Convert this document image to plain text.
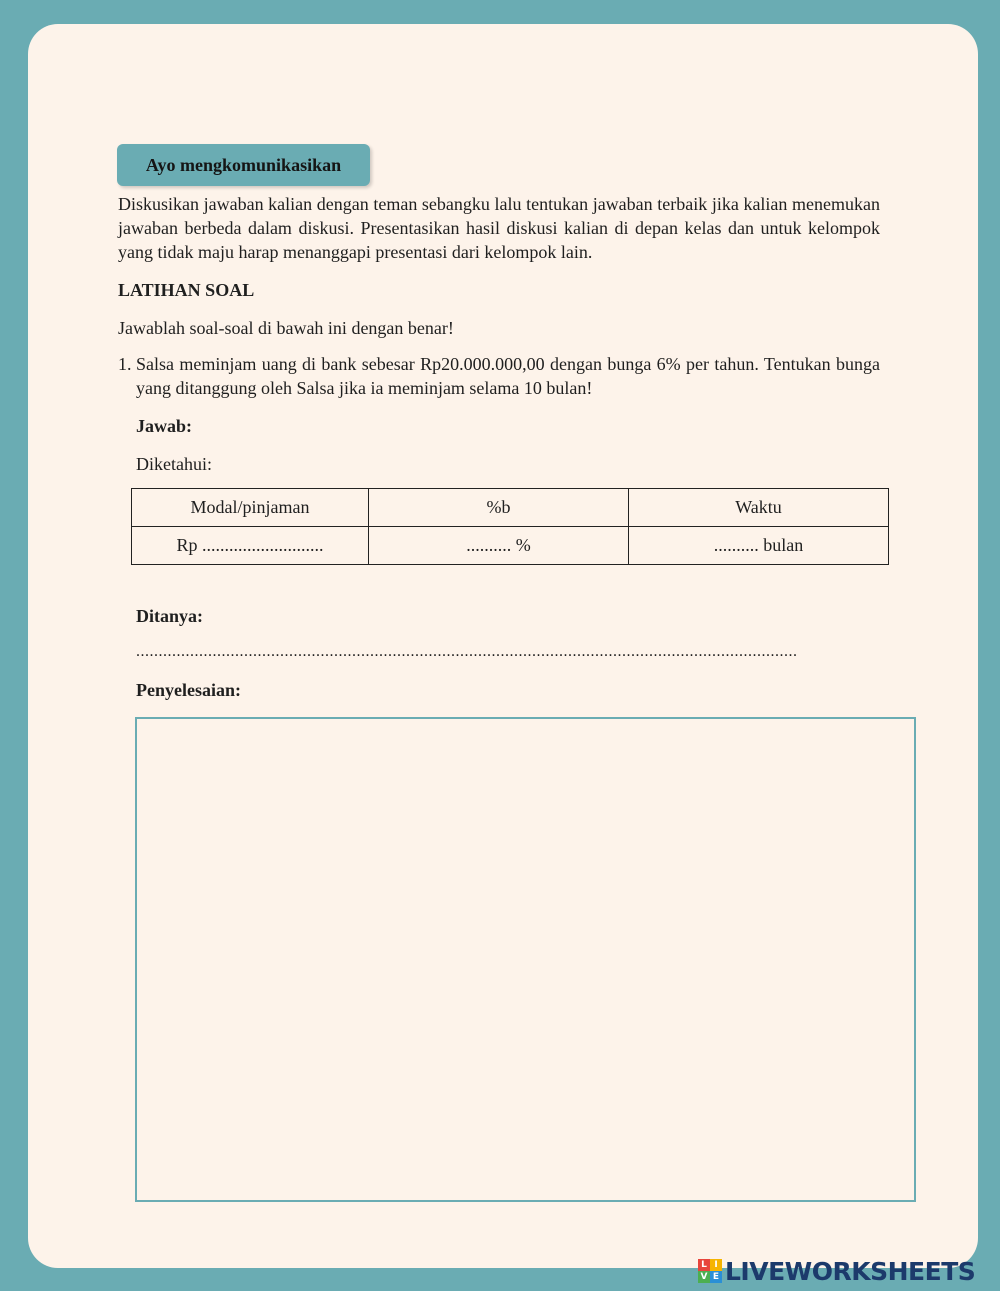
Ayo mengkomunikasikan

Diskusikan jawaban kalian dengan teman sebangku lalu tentukan jawaban terbaik jika kalian menemukan jawaban berbeda dalam diskusi. Presentasikan hasil diskusi kalian di depan kelas dan untuk kelompok yang tidak maju harap menanggapi presentasi dari kelompok lain.

LATIHAN SOAL

Jawablah soal-soal di bawah ini dengan benar!

1. Salsa meminjam uang di bank sebesar Rp20.000.000,00 dengan bunga 6% per tahun. Tentukan bunga yang ditanggung oleh Salsa jika ia meminjam selama 10 bulan!
Jawab:
Diketahui:
Modal/pinjaman	%b	Waktu
Rp ...........................	.......... %	.......... bulan
Ditanya:
...................................................................................................................................................
Penyelesaian:
L I
V E LIVEWORKSHEETS
